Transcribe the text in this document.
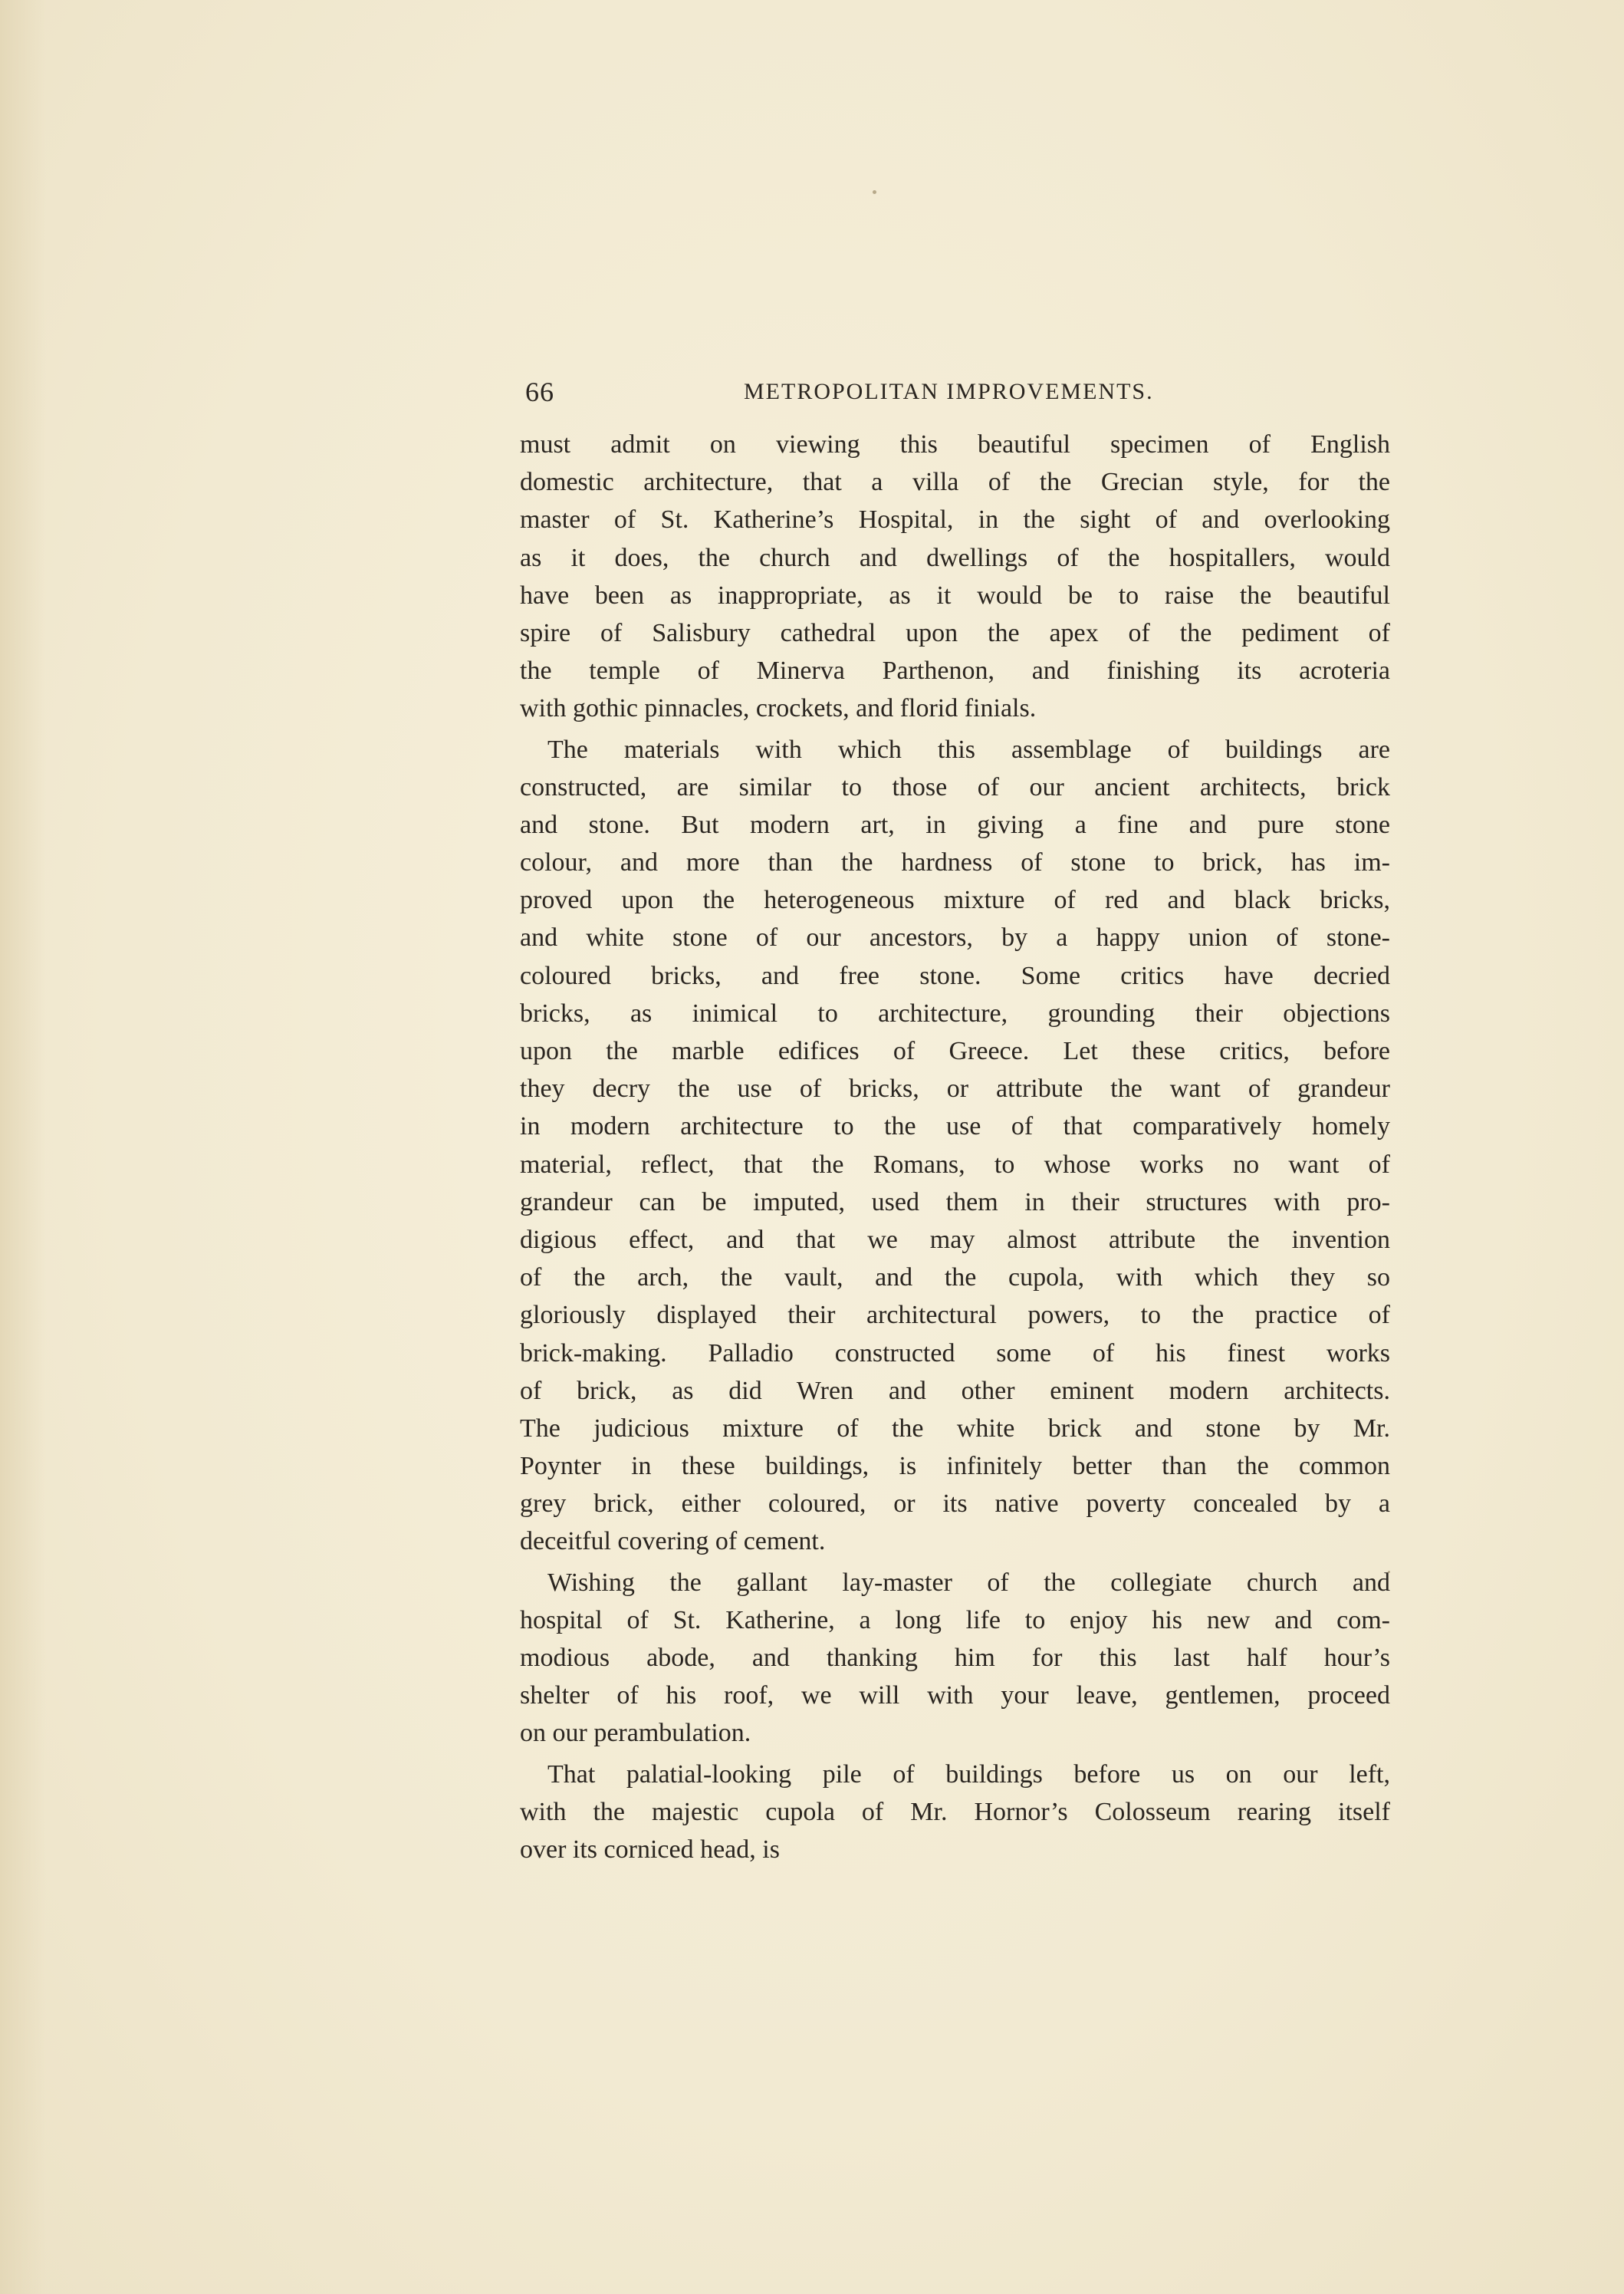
66	METROPOLITAN IMPROVEMENTS.
must admit on viewing this beautiful specimen of English
domestic architecture, that a villa of the Grecian style, for the
master of St. Katherine’s Hospital, in the sight of and overlooking
as it does, the church and dwellings of the hospitallers, would
have been as inappropriate, as it would be to raise the beautiful
spire of Salisbury cathedral upon the apex of the pediment of
the temple of Minerva Parthenon, and finishing its acroteria
with gothic pinnacles, crockets, and florid finials.
The materials with which this assemblage of buildings are
constructed, are similar to those of our ancient architects, brick
and stone. But modern art, in giving a fine and pure stone
colour, and more than the hardness of stone to brick, has im-
proved upon the heterogeneous mixture of red and black bricks,
and white stone of our ancestors, by a happy union of stone-
coloured bricks, and free stone. Some critics have decried
bricks, as inimical to architecture, grounding their objections
upon the marble edifices of Greece. Let these critics, before
they decry the use of bricks, or attribute the want of grandeur
in modern architecture to the use of that comparatively homely
material, reflect, that the Romans, to whose works no want of
grandeur can be imputed, used them in their structures with pro-
digious effect, and that we may almost attribute the invention
of the arch, the vault, and the cupola, with which they so
gloriously displayed their architectural powers, to the practice of
brick-making. Palladio constructed some of his finest works
of brick, as did Wren and other eminent modern architects.
The judicious mixture of the white brick and stone by Mr.
Poynter in these buildings, is infinitely better than the common
grey brick, either coloured, or its native poverty concealed by a
deceitful covering of cement.
Wishing the gallant lay-master of the collegiate church and
hospital of St. Katherine, a long life to enjoy his new and com-
modious abode, and thanking him for this last half hour’s
shelter of his roof, we will with your leave, gentlemen, proceed
on our perambulation.
That palatial-looking pile of buildings before us on our left,
with the majestic cupola of Mr. Hornor’s Colosseum rearing itself
over its corniced head, is
